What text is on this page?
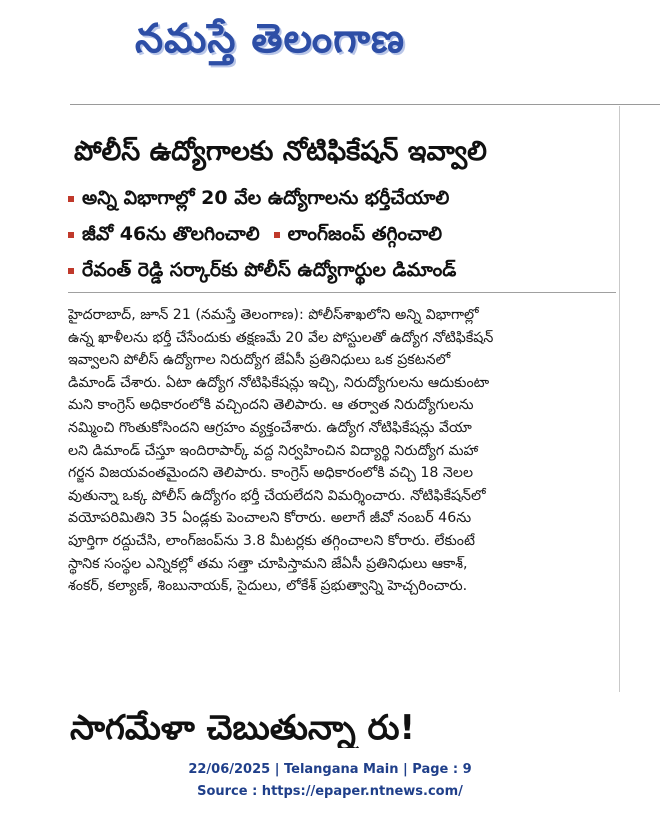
నమస్తే తెలంగాణ
పోలీస్ ఉద్యోగాలకు నోటిఫికేషన్ ఇవ్వాలి
అన్ని విభాగాల్లో 20 వేల ఉద్యోగాలను భర్తీచేయాలి
జీవో 46ను తొలగించాలి లాంగ్‌జంప్ తగ్గించాలి
రేవంత్ రెడ్డి సర్కార్‌కు పోలీస్ ఉద్యోగార్థుల డిమాండ్
హైదరాబాద్, జూన్ 21 (నమస్తే తెలంగాణ): పోలీస్‌శాఖలోని అన్ని విభాగాల్లో
ఉన్న ఖాళీలను భర్తీ చేసేందుకు తక్షణమే 20 వేల పోస్టులతో ఉద్యోగ నోటిఫికేషన్
ఇవ్వాలని పోలీస్ ఉద్యోగాల నిరుద్యోగ జేఏసీ ప్రతినిధులు ఒక ప్రకటనలో
డిమాండ్ చేశారు. ఏటా ఉద్యోగ నోటిఫికేషన్లు ఇచ్చి, నిరుద్యోగులను ఆదుకుంటా
మని కాంగ్రెస్ అధికారంలోకి వచ్చిందని తెలిపారు. ఆ తర్వాత నిరుద్యోగులను
నమ్మించి గొంతుకోసిందని ఆగ్రహం వ్యక్తంచేశారు. ఉద్యోగ నోటిఫికేషన్లు వేయా
లని డిమాండ్ చేస్తూ ఇందిరాపార్క్ వద్ద నిర్వహించిన విద్యార్థి నిరుద్యోగ మహా
గర్జన విజయవంతమైందని తెలిపారు. కాంగ్రెస్ అధికారంలోకి వచ్చి 18 నెలల
వుతున్నా ఒక్క పోలీస్ ఉద్యోగం భర్తీ చేయలేదని విమర్శించారు. నోటిఫికేషన్‌లో
వయోపరిమితిని 35 ఏండ్లకు పెంచాలని కోరారు. అలాగే జీవో నంబర్ 46ను
పూర్తిగా రద్దుచేసి, లాంగ్‌జంప్‌ను 3.8 మీటర్లకు తగ్గించాలని కోరారు. లేకుంటే
స్థానిక సంస్థల ఎన్నికల్లో తమ సత్తా చూపిస్తామని జేఏసీ ప్రతినిధులు ఆకాశ్,
శంకర్, కల్యాణ్, శింబునాయక్, సైదులు, లోకేశ్ ప్రభుత్వాన్ని హెచ్చరించారు.
సాగమేళా చెబుతున్నా రు!
22/06/2025 | Telangana Main | Page : 9
Source : https://epaper.ntnews.com/
